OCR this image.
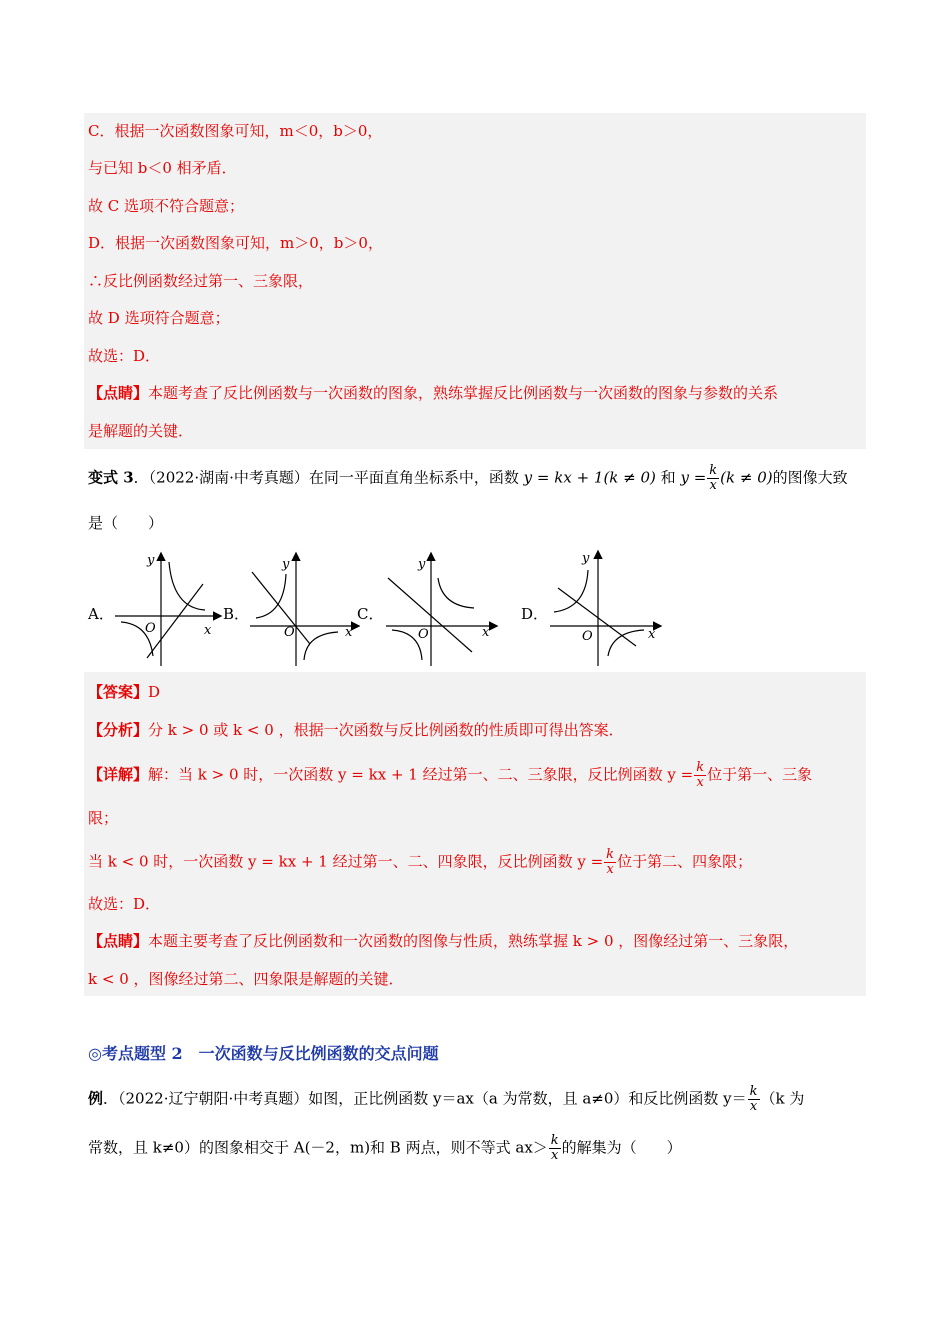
C．根据一次函数图象可知，m＜0，b＞0，
与已知 b＜0 相矛盾．
故 C 选项不符合题意；
D．根据一次函数图象可知，m＞0，b＞0，
∴反比例函数经过第一、三象限，
故 D 选项符合题意；
故选：D．
【点睛】本题考查了反比例函数与一次函数的图象，熟练掌握反比例函数与一次函数的图象与参数的关系
是解题的关键．
变式 3．（2022·湖南·中考真题）在同一平面直角坐标系中，函数 y = kx + 1(k ≠ 0) 和 $y = \frac{k}{x} (k \ne 0)$的图像大致
是（　　）
A．	B．	C．	D．
y
x
O
y
x
O
y
x
O
y
x
O
【答案】D
【分析】分 k > 0 或 k < 0 ，根据一次函数与反比例函数的性质即可得出答案．
【详解】解：当 k > 0 时，一次函数 y = kx + 1 经过第一、二、三象限，反比例函数 $y = \frac{k}{x}$ 位于第一、三象
限；
当 k < 0 时，一次函数 y = kx + 1 经过第一、二、四象限，反比例函数 $y = \frac{k}{x}$ 位于第二、四象限；
故选：D．
【点睛】本题主要考查了反比例函数和一次函数的图像与性质，熟练掌握 k > 0 ，图像经过第一、三象限，
k < 0 ，图像经过第二、四象限是解题的关键．
◎考点题型 2　一次函数与反比例函数的交点问题
例．（2022·辽宁朝阳·中考真题）如图，正比例函数 y＝ax（a 为常数，且 a≠0）和反比例函数 $y= \frac{k}{x} (k$ 为
常数，且 k≠0）的图象相交于 A(－2，m)和 B 两点，则不等式 $ax> \frac{k}{x}$ 的解集为（　　）
